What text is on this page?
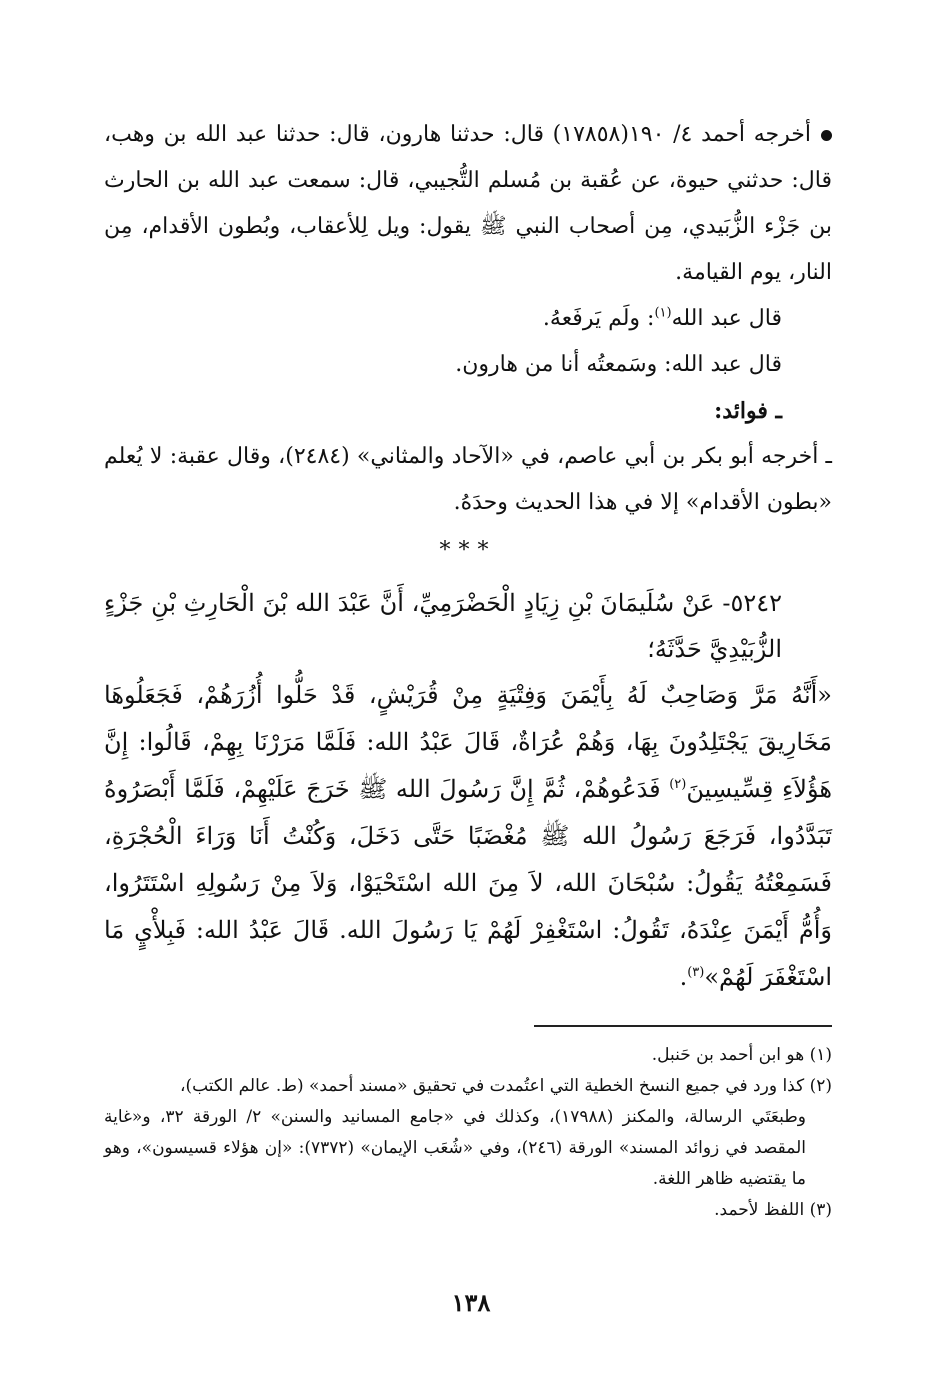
أخرجه أحمد ٤/ ١٩٠(١٧٨٥٨) قال: حدثنا هارون، قال: حدثنا عبد الله بن وهب، قال: حدثني حيوة، عن عُقبة بن مُسلم التُّجيبي، قال: سمعت عبد الله بن الحارث بن جَزْء الزُّبَيدي، مِن أصحاب النبي ﷺ يقول: ويل لِلأعقاب، وبُطون الأقدام، مِن النار، يوم القيامة.

قال عبد الله$^{(١)}$: ولَم يَرفَعهُ.

قال عبد الله: وسَمعتُه أنا من هارون.

ـ فوائد:

ـ أخرجه أبو بكر بن أبي عاصم، في «الآحاد والمثاني» (٢٤٨٤)، وقال عقبة: لا يُعلم «بطون الأقدام» إلا في هذا الحديث وحدَهُ.

***

٥٢٤٢- عَنْ سُلَيمَانَ بْنِ زِيَادٍ الْحَضْرَمِيِّ، أَنَّ عَبْدَ الله بْنَ الْحَارِثِ بْنِ جَزْءٍ الزُّبَيْدِيَّ حَدَّثَهُ؛

«أَنَّهُ مَرَّ وَصَاحِبٌ لَهُ بِأَيْمَنَ وَفِتْيَةٍ مِنْ قُرَيْشٍ، قَدْ حَلُّوا أُزُرَهُمْ، فَجَعَلُوهَا مَخَارِيقَ يَجْتَلِدُونَ بِهَا، وَهُمْ عُرَاةٌ، قَالَ عَبْدُ الله: فَلَمَّا مَرَرْنَا بِهِمْ، قَالُوا: إِنَّ هَؤُلاَءِ قِسِّيسِينَ$^{(٢)}$ فَدَعُوهُمْ، ثُمَّ إِنَّ رَسُولَ الله ﷺ خَرَجَ عَلَيْهِمْ، فَلَمَّا أَبْصَرُوهُ تَبَدَّدُوا، فَرَجَعَ رَسُولُ الله ﷺ مُغْضَبًا حَتَّى دَخَلَ، وَكُنْتُ أَنَا وَرَاءَ الْحُجْرَةِ، فَسَمِعْتُهُ يَقُولُ: سُبْحَانَ الله، لاَ مِنَ الله اسْتَحْيَوْا، وَلاَ مِنْ رَسُولِهِ اسْتَتَرُوا، وَأُمُّ أَيْمَنَ عِنْدَهُ، تَقُولُ: اسْتَغْفِرْ لَهُمْ يَا رَسُولَ الله. قَالَ عَبْدُ الله: فَبِلأْيٍ مَا اسْتَغْفَرَ لَهُمْ»$^{(٣)}$.

(١) هو ابن أحمد بن حَنبل.

(٢) كذا ورد في جميع النسخ الخطية التي اعتُمدت في تحقيق «مسند أحمد» (ط. عالم الكتب)،

وطبعَتَي الرسالة، والمكنز (١٧٩٨٨)، وكذلك في «جامع المسانيد والسنن» ٢/ الورقة ٣٢، و«غاية المقصد في زوائد المسند» الورقة (٢٤٦)، وفي «شُعَب الإيمان» (٧٣٧٢): «إن هؤلاء قسيسون»، وهو ما يقتضيه ظاهر اللغة.

(٣) اللفظ لأحمد.

١٣٨
